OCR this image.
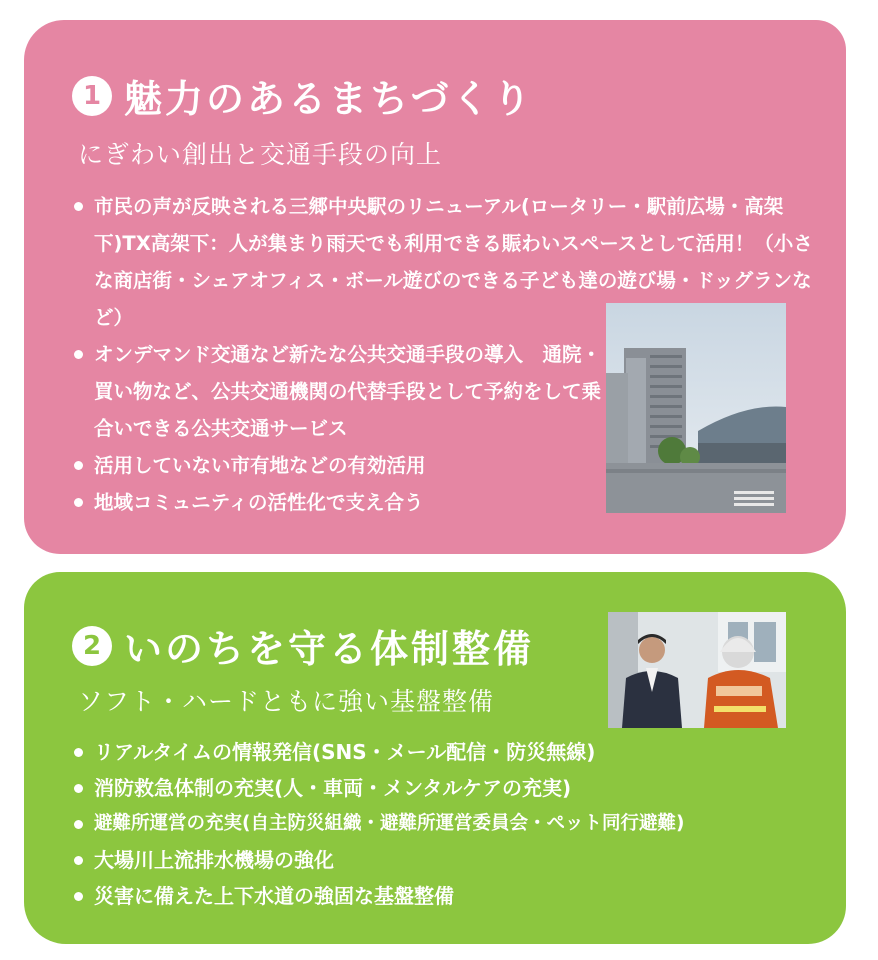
1 魅力のあるまちづくり
にぎわい創出と交通手段の向上
市民の声が反映される三郷中央駅のリニューアル(ロータリー・駅前広場・高架下)TX高架下：人が集まり雨天でも利用できる賑わいスペースとして活用！（小さな商店街・シェアオフィス・ボール遊びのできる子ども達の遊び場・ドッグランなど）
オンデマンド交通など新たな公共交通手段の導入　通院・買い物など、公共交通機関の代替手段として予約をして乗合いできる公共交通サービス
活用していない市有地などの有効活用
地域コミュニティの活性化で支え合う
2 いのちを守る体制整備
ソフト・ハードともに強い基盤整備
リアルタイムの情報発信(SNS・メール配信・防災無線)
消防救急体制の充実(人・車両・メンタルケアの充実)
避難所運営の充実(自主防災組織・避難所運営委員会・ペット同行避難)
大場川上流排水機場の強化
災害に備えた上下水道の強固な基盤整備
